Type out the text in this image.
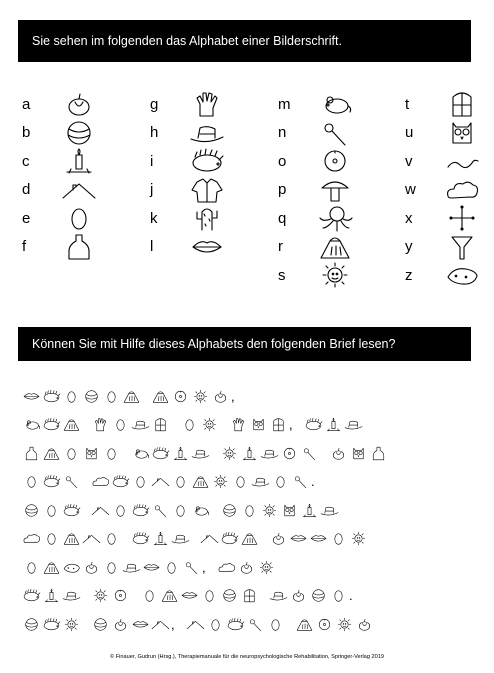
Sie sehen im folgenden das Alphabet einer Bilderschrift.
a
b
c
d
e
f
g
h
i
j
k
l
m
n
o
p
q
r
s
t
u
v
w
x
y
z
Können Sie mit Hilfe dieses Alphabets den folgenden Brief lesen?
,
,
.
,
.
,
© Finauer, Gudrun (Hrsg.), Therapiemanuale für die neuropsychologische Rehabilitation, Springer-Verlag 2019
